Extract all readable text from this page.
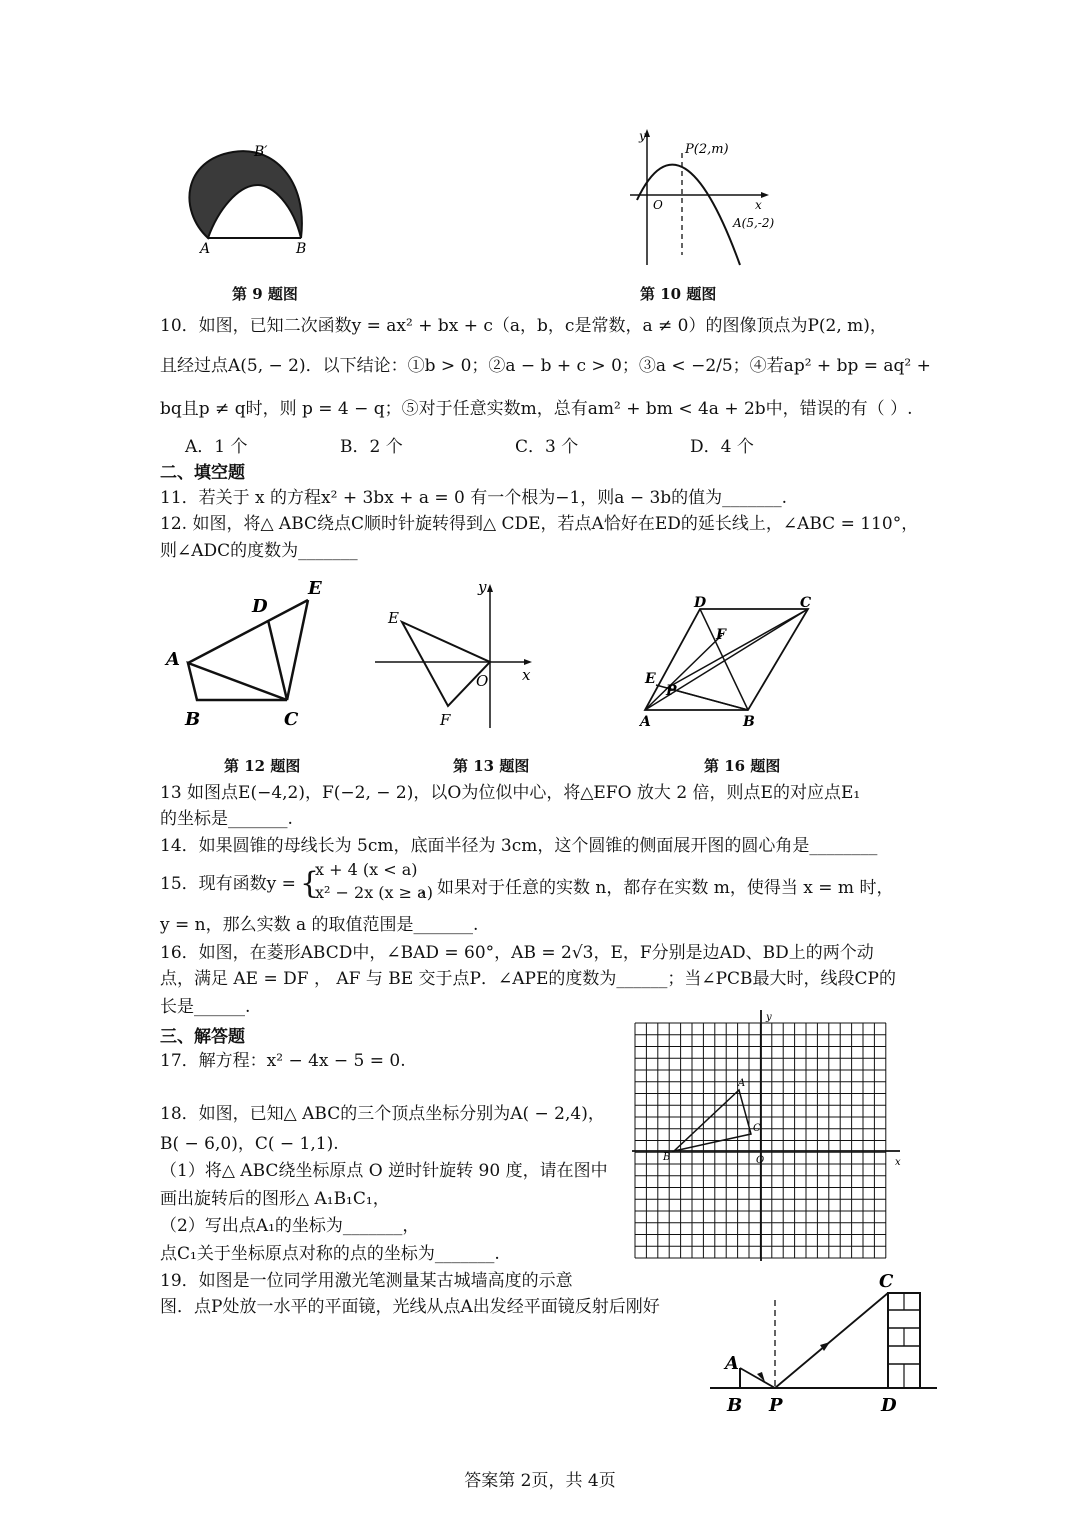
A	B
B′
第 9 题图
y
P(2,m)
O	x
A(5,-2)
第 10 题图
10．如图，已知二次函数y = ax² + bx + c（a，b，c是常数，a ≠ 0）的图像顶点为P(2, m)，
且经过点A(5, − 2)．以下结论：①b > 0；②a − b + c > 0；③a < −2/5；④若ap² + bp = aq² +
bq且p ≠ q时，则 p = 4 − q；⑤对于任意实数m，总有am² + bm < 4a + 2b中，错误的有（ ）.
A．1 个	B．2 个	C．3 个	D．4 个
二、填空题
11．若关于 x 的方程x² + 3bx + a = 0 有一个根为−1，则a − 3b的值为_______.
12. 如图，将△ ABC绕点C顺时针旋转得到△ CDE，若点A恰好在ED的延长线上，∠ABC = 110°，
则∠ADC的度数为_______
A
B	C
D
E
第 12 题图
y
E
F
O x
第 13 题图
A	B
C
D
E
F
P
第 16 题图
13 如图点E(−4,2)，F(−2, − 2)，以O为位似中心，将△EFO 放大 2 倍，则点E的对应点E₁
的坐标是_______.
14．如果圆锥的母线长为 5cm，底面半径为 3cm，这个圆锥的侧面展开图的圆心角是________
15．现有函数y = {
x + 4 (x < a)
x² − 2x (x ≥ a)
，如果对于任意的实数 n，都存在实数 m，使得当 x = m 时，
y = n，那么实数 a 的取值范围是_______.
16．如图，在菱形ABCD中，∠BAD = 60°，AB = 2√3，E，F分别是边AD、BD上的两个动
点，满足 AE = DF ， AF 与 BE 交于点P．∠APE的度数为______；当∠PCB最大时，线段CP的
长是______.
三、解答题
17．解方程：x² − 4x − 5 = 0.
18．如图，已知△ ABC的三个顶点坐标分别为A( − 2,4)，
B( − 6,0)，C( − 1,1).
（1）将△ ABC绕坐标原点 O 逆时针旋转 90 度，请在图中
画出旋转后的图形△ A₁B₁C₁，
（2）写出点A₁的坐标为_______，
点C₁关于坐标原点对称的点的坐标为_______.
y
x
O
A
B
C
19．如图是一位同学用激光笔测量某古城墙高度的示意
图．点P处放一水平的平面镜，光线从点A出发经平面镜反射后刚好
A
B P
C
D
答案第 2页，共 4页
